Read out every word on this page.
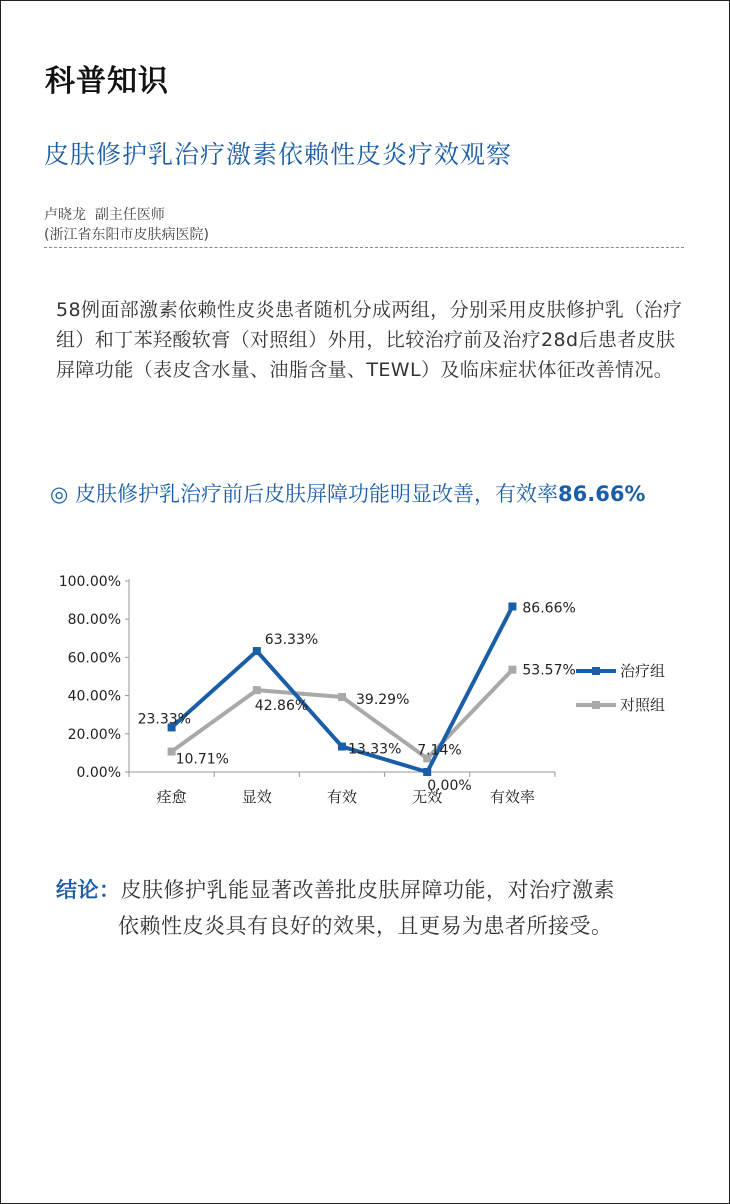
科普知识
皮肤修护乳治疗激素依赖性皮炎疗效观察
卢晓龙  副主任医师
(浙江省东阳市皮肤病医院)
58例面部激素依赖性皮炎患者随机分成两组，分别采用皮肤修护乳（治疗组）和丁苯羟酸软膏（对照组）外用，比较治疗前及治疗28d后患者皮肤屏障功能（表皮含水量、油脂含量、TEWL）及临床症状体征改善情况。
◎ 皮肤修护乳治疗前后皮肤屏障功能明显改善，有效率86.66%
100.00%
80.00%
60.00%
40.00%
20.00%
0.00%
痊愈	显效	有效	无效	有效率
23.33%
63.33%
13.33%
0.00%
86.66%
10.71%
42.86%	39.29%
7.14%
53.57%	治疗组
对照组
结论：皮肤修护乳能显著改善批皮肤屏障功能，对治疗激素
依赖性皮炎具有良好的效果，且更易为患者所接受。
